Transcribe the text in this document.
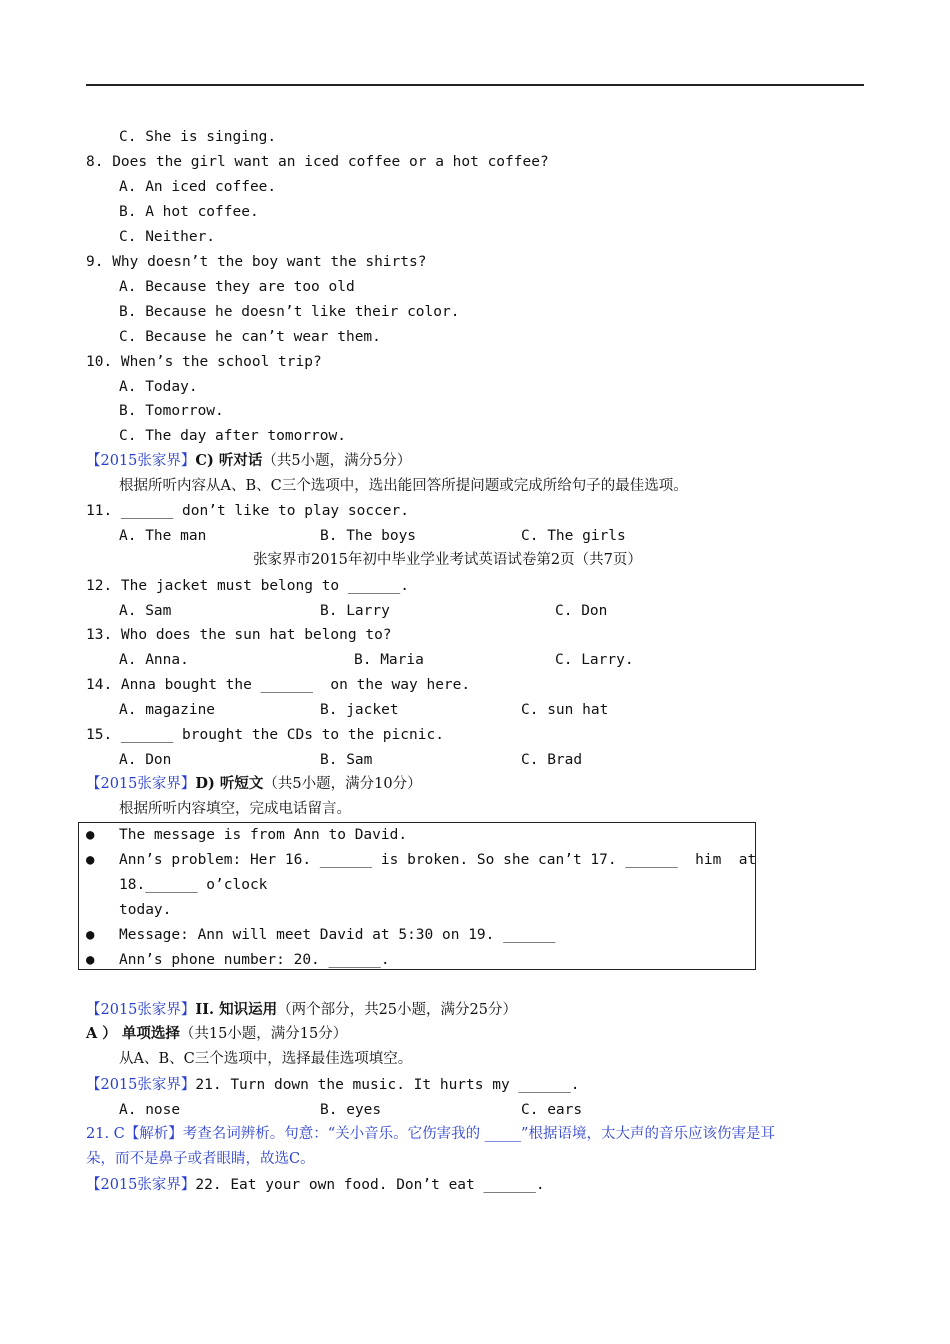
C. She is singing.
8. Does the girl want an iced coffee or a hot coffee?
A. An iced coffee.
B. A hot coffee.
C. Neither.
9. Why doesn’t the boy want the shirts?
A. Because they are too old
B. Because he doesn’t like their color.
C. Because he can’t wear them.
10. When’s the school trip?
A. Today.
B. Tomorrow.
C. The day after tomorrow.
【2015张家界】C) 听对话（共5小题，满分5分）
根据所听内容从A、B、C三个选项中，选出能回答所提问题或完成所给句子的最佳选项。
11. ______ don’t like to play soccer.
A. The man	B. The boys	C. The girls
张家界市2015年初中毕业学业考试英语试卷第2页（共7页）
12. The jacket must belong to ______.
A. Sam	B. Larry	C. Don
13. Who does the sun hat belong to?
A. Anna.	B. Maria	C. Larry.
14. Anna bought the ______  on the way here.
A. magazine	B. jacket	C. sun hat
15. ______ brought the CDs to the picnic.
A. Don	B. Sam	C. Brad
【2015张家界】D) 听短文（共5小题，满分10分）
根据所听内容填空，完成电话留言。
● The message is from Ann to David.
● Ann’s problem: Her 16. ______ is broken. So she can’t 17. ______  him  at
18.______ o’clock
today.
● Message: Ann will meet David at 5:30 on 19. ______
● Ann’s phone number: 20. ______.
【2015张家界】II. 知识运用（两个部分，共25小题，满分25分）
A ） 单项选择（共15小题，满分15分）
从A、B、C三个选项中，选择最佳选项填空。
【2015张家界】21. Turn down the music. It hurts my ______.
A. nose	B. eyes	C. ears
21. C【解析】考查名词辨析。句意：“关小音乐。它伤害我的 _____”根据语境，太大声的音乐应该伤害是耳
朵，而不是鼻子或者眼睛，故选C。
【2015张家界】22. Eat your own food. Don’t eat ______.
